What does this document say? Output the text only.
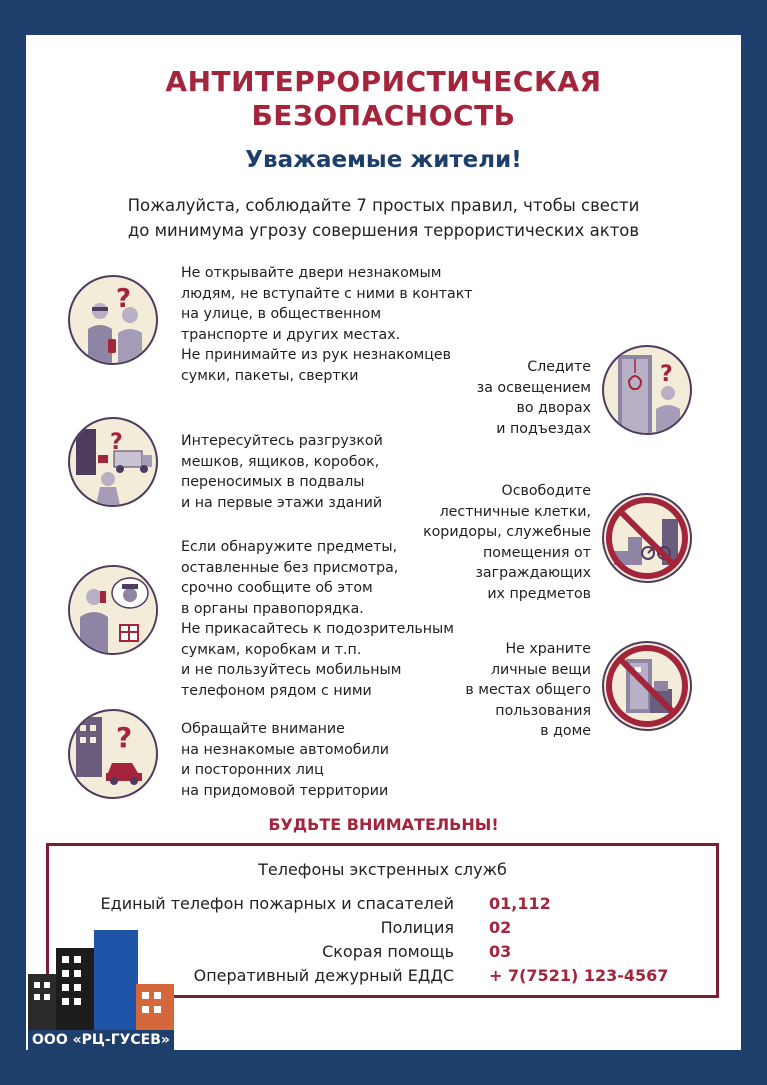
АНТИТЕРРОРИСТИЧЕСКАЯ
БЕЗОПАСНОСТЬ
Уважаемые жители!
Пожалуйста, соблюдайте 7 простых правил, чтобы свести
до минимума угрозу совершения террористических актов
?
Не открывайте двери незнакомым
людям, не вступайте с ними в контакт
на улице, в общественном
транспорте и других местах.
Не принимайте из рук незнакомцев
сумки, пакеты, свертки
?	Интересуйтесь разгрузкой
мешков, ящиков, коробок,
переносимых в подвалы
и на первые этажи зданий
Если обнаружите предметы,
оставленные без присмотра,
срочно сообщите об этом
в органы правопорядка.
Не прикасайтесь к подозрительным
сумкам, коробкам и т.п.
и не пользуйтесь мобильным
телефоном рядом с ними
?	Обращайте внимание
на незнакомые автомобили
и посторонних лиц
на придомовой территории
Следите
за освещением
во дворах
и подъездах
?
Освободите
лестничные клетки,
коридоры, служебные
помещения от
заграждающих
их предметов
Не храните
личные вещи
в местах общего
пользования
в доме
БУДЬТЕ ВНИМАТЕЛЬНЫ!
Телефоны экстренных служб
Единый телефон пожарных и спасателей 01,112
Полиция 02
Скорая помощь 03
Оперативный дежурный ЕДДС + 7(7521) 123-4567
ООО «РЦ-ГУСЕВ»
